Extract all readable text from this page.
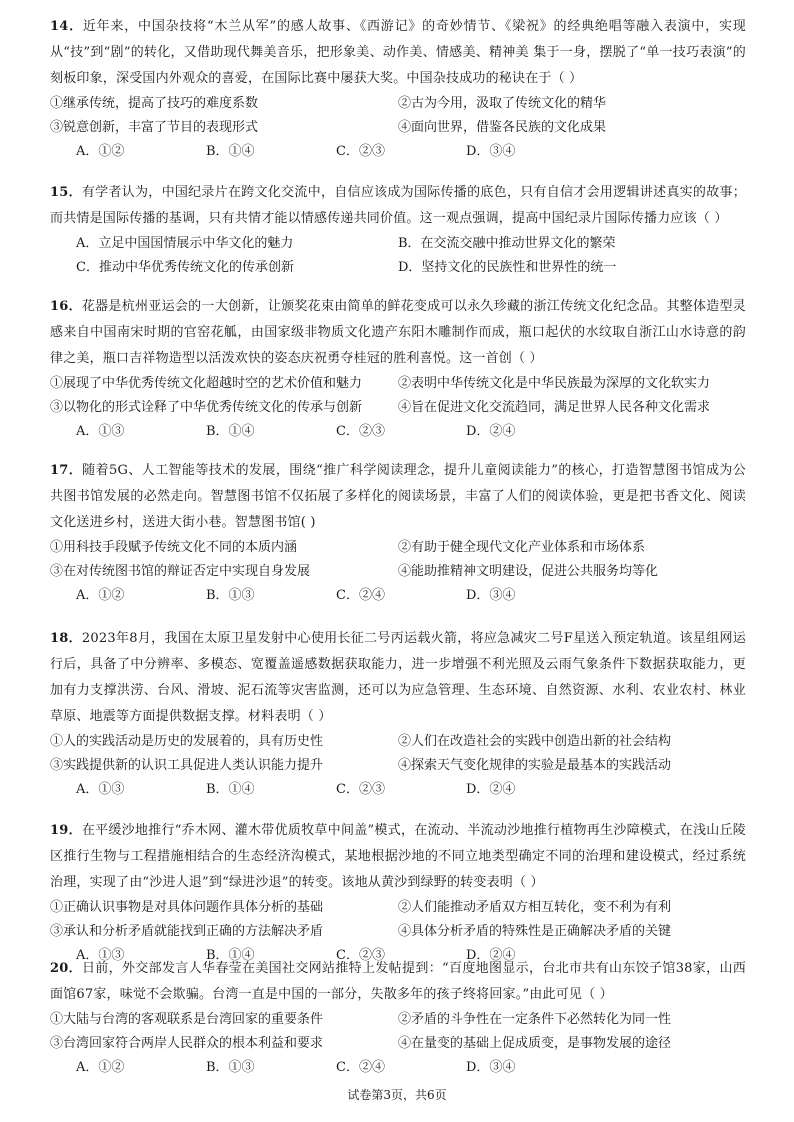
14．近年来，中国杂技将“木兰从军”的感人故事、《西游记》的奇妙情节、《梁祝》的经典绝唱等融入表演中，实现从“技”到“剧”的转化，又借助现代舞美音乐，把形象美、动作美、情感美、精神美 集于一身，摆脱了“单一技巧表演”的刻板印象，深受国内外观众的喜爱，在国际比赛中屡获大奖。中国杂技成功的秘诀在于（ ）
①继承传统，提高了技巧的难度系数	②古为今用，汲取了传统文化的精华
③锐意创新，丰富了节目的表现形式	④面向世界，借鉴各民族的文化成果
A．①②	B．①④	C．②③	D．③④
15．有学者认为，中国纪录片在跨文化交流中，自信应该成为国际传播的底色，只有自信才会用逻辑讲述真实的故事；而共情是国际传播的基调，只有共情才能以情感传递共同价值。这一观点强调，提高中国纪录片国际传播力应该（ ）
A．立足中国国情展示中华文化的魅力	B．在交流交融中推动世界文化的繁荣
C．推动中华优秀传统文化的传承创新	D．坚持文化的民族性和世界性的统一
16．花器是杭州亚运会的一大创新，让颁奖花束由简单的鲜花变成可以永久珍藏的浙江传统文化纪念品。其整体造型灵感来自中国南宋时期的官窑花觚，由国家级非物质文化遗产东阳木雕制作而成，瓶口起伏的水纹取自浙江山水诗意的韵律之美，瓶口吉祥物造型以活泼欢快的姿态庆祝勇夺桂冠的胜利喜悦。这一首创（ ）
①展现了中华优秀传统文化超越时空的艺术价值和魅力	②表明中华传统文化是中华民族最为深厚的文化软实力
③以物化的形式诠释了中华优秀传统文化的传承与创新	④旨在促进文化交流趋同，满足世界人民各种文化需求
A．①③	B．①④	C．②③	D．②④
17．随着5G、人工智能等技术的发展，围绕“推广科学阅读理念，提升儿童阅读能力”的核心，打造智慧图书馆成为公共图书馆发展的必然走向。智慧图书馆不仅拓展了多样化的阅读场景，丰富了人们的阅读体验，更是把书香文化、阅读文化送进乡村，送进大街小巷。智慧图书馆( )
①用科技手段赋予传统文化不同的本质内涵	②有助于健全现代文化产业体系和市场体系
③在对传统图书馆的辩证否定中实现自身发展	④能助推精神文明建设，促进公共服务均等化
A．①②	B．①③	C．②④	D．③④
18．2023年8月，我国在太原卫星发射中心使用长征二号丙运载火箭，将应急减灾二号F星送入预定轨道。该星组网运行后，具备了中分辨率、多模态、宽覆盖遥感数据获取能力，进一步增强不利光照及云雨气象条件下数据获取能力，更加有力支撑洪涝、台风、滑坡、泥石流等灾害监测，还可以为应急管理、生态环境、自然资源、水利、农业农村、林业草原、地震等方面提供数据支撑。材料表明（ ）
①人的实践活动是历史的发展着的，具有历史性	②人们在改造社会的实践中创造出新的社会结构
③实践提供新的认识工具促进人类认识能力提升	④探索天气变化规律的实验是最基本的实践活动
A．①③	B．①④	C．②③	D．②④
19．在平缓沙地推行“乔木网、灌木带优质牧草中间盖”模式，在流动、半流动沙地推行植物再生沙障模式，在浅山丘陵区推行生物与工程措施相结合的生态经济沟模式，某地根据沙地的不同立地类型确定不同的治理和建设模式，经过系统治理，实现了由“沙进人退”到“绿进沙退”的转变。该地从黄沙到绿野的转变表明（ ）
①正确认识事物是对具体问题作具体分析的基础	②人们能推动矛盾双方相互转化，变不利为有利
③承认和分析矛盾就能找到正确的方法解决矛盾	④具体分析矛盾的特殊性是正确解决矛盾的关键
A．①③	B．①④	C．②③	D．②④
20．日前，外交部发言人华春莹在美国社交网站推特上发帖提到：“百度地图显示，台北市共有山东饺子馆38家，山西面馆67家，味觉不会欺骗。台湾一直是中国的一部分，失散多年的孩子终将回家。”由此可见（ ）
①大陆与台湾的客观联系是台湾回家的重要条件	②矛盾的斗争性在一定条件下必然转化为同一性
③台湾回家符合两岸人民群众的根本利益和要求	④在量变的基础上促成质变，是事物发展的途径
A．①②	B．①③	C．②④	D．③④
试卷第3页，共6页
